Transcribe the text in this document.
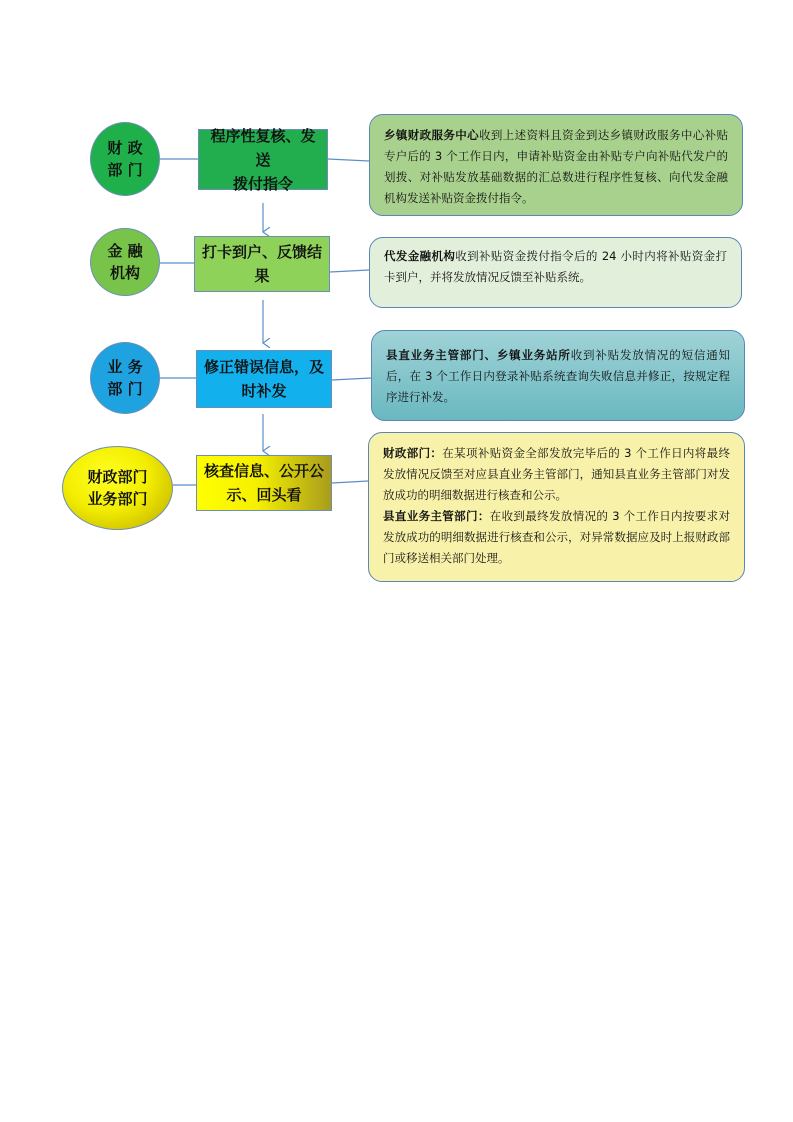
财 政
部 门
程序性复核、发送
拨付指令

乡镇财政服务中心收到上述资料且资金到达乡镇财政服务中心补贴专户后的 3 个工作日内，申请补贴资金由补贴专户向补贴代发户的划拨、对补贴发放基础数据的汇总数进行程序性复核、向代发金融机构发送补贴资金拨付指令。

金 融
机构
打卡到户、反馈结
果

代发金融机构收到补贴资金拨付指令后的 24 小时内将补贴资金打卡到户，并将发放情况反馈至补贴系统。

业 务
部 门
修正错误信息，及
时补发

县直业务主管部门、乡镇业务站所收到补贴发放情况的短信通知后，在 3 个工作日内登录补贴系统查询失败信息并修正，按规定程序进行补发。

财政部门
业务部门
核查信息、公开公
示、回头看

财政部门：在某项补贴资金全部发放完毕后的 3 个工作日内将最终发放情况反馈至对应县直业务主管部门，通知县直业务主管部门对发放成功的明细数据进行核查和公示。

县直业务主管部门：在收到最终发放情况的 3 个工作日内按要求对发放成功的明细数据进行核查和公示，对异常数据应及时上报财政部门或移送相关部门处理。
